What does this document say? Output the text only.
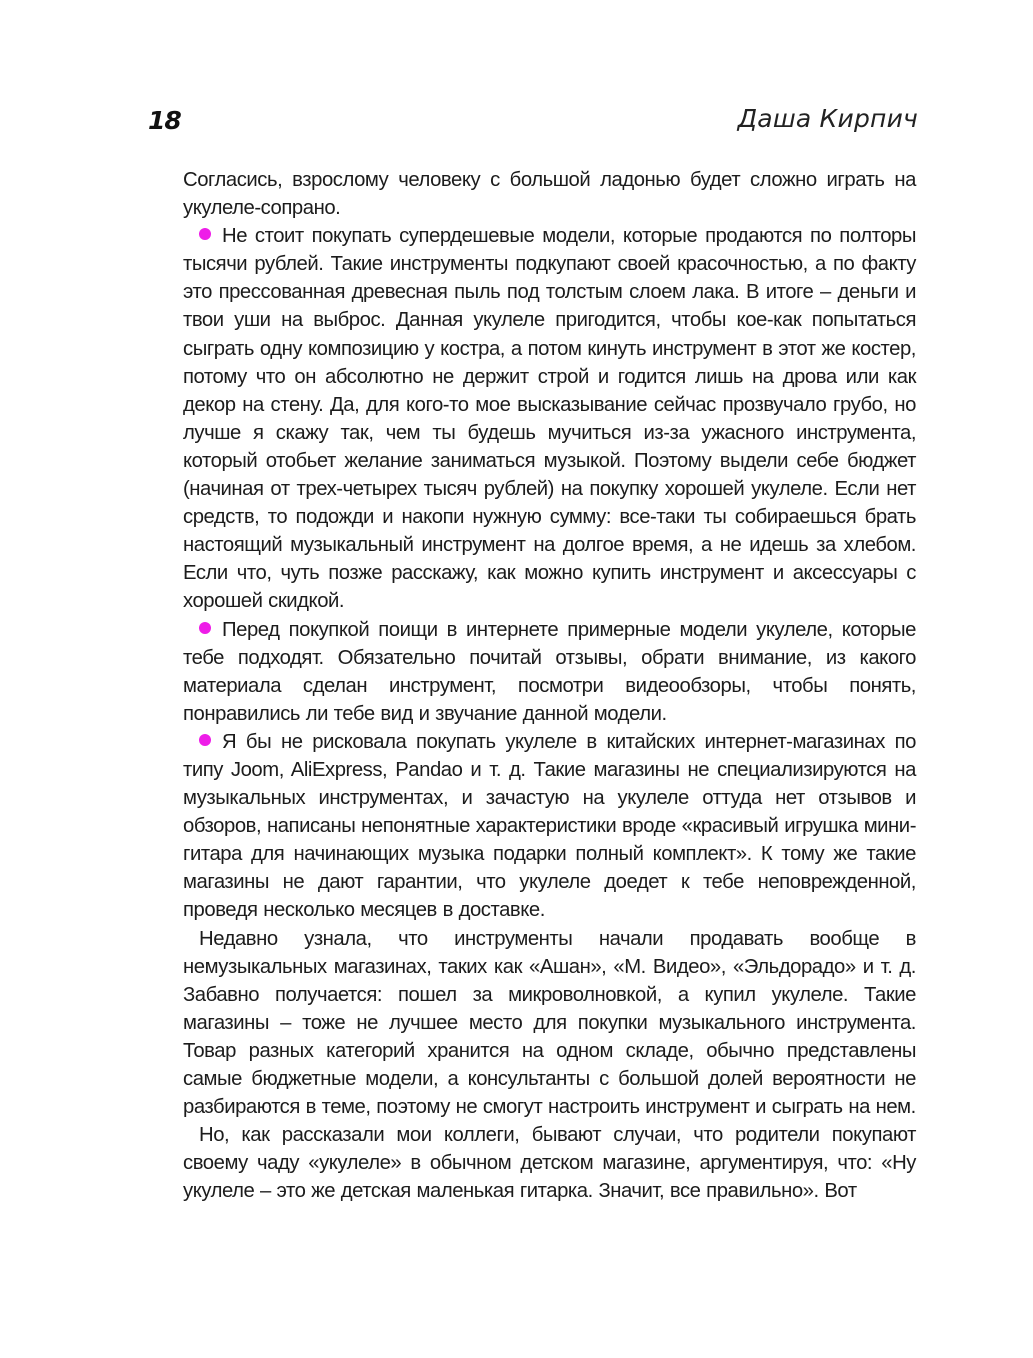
18	Даша Кирпич

Согласись, взрослому человеку с большой ладонью будет сложно играть на укулеле-сопрано.

Не стоит покупать супердешевые модели, которые продаются по полторы тысячи рублей. Такие инструменты подкупают своей красочностью, а по факту это прессованная древесная пыль под толстым слоем лака. В итоге – деньги и твои уши на выброс. Данная укулеле пригодится, чтобы кое-как попытаться сыграть одну композицию у костра, а потом кинуть инструмент в этот же костер, потому что он абсолютно не держит строй и годится лишь на дрова или как декор на стену. Да, для кого-то мое высказывание сейчас прозвучало грубо, но лучше я скажу так, чем ты будешь мучиться из-за ужасного инструмента, который отобьет желание заниматься музыкой. Поэтому выдели себе бюджет (начиная от трех-четырех тысяч рублей) на покупку хорошей укулеле. Если нет средств, то подожди и накопи нужную сумму: все-таки ты собираешься брать настоящий музыкальный инструмент на долгое время, а не идешь за хлебом. Если что, чуть позже расскажу, как можно купить инструмент и аксессуары с хорошей скидкой.

Перед покупкой поищи в интернете примерные модели укулеле, которые тебе подходят. Обязательно почитай отзывы, обрати внимание, из какого материала сделан инструмент, посмотри видеообзоры, чтобы понять, понравились ли тебе вид и звучание данной модели.

Я бы не рисковала покупать укулеле в китайских интернет-магазинах по типу Joom, AliExpress, Pandao и т. д. Такие магазины не специализируются на музыкальных инструментах, и зачастую на укулеле оттуда нет отзывов и обзоров, написаны непонятные характеристики вроде «красивый игрушка мини-гитара для начинающих музыка подарки полный комплект». К тому же такие магазины не дают гарантии, что укулеле доедет к тебе неповрежденной, проведя несколько месяцев в доставке.

Недавно узнала, что инструменты начали продавать вообще в немузыкальных магазинах, таких как «Ашан», «М. Видео», «Эльдорадо» и т. д. Забавно получается: пошел за микроволновкой, а купил укулеле. Такие магазины – тоже не лучшее место для покупки музыкального инструмента. Товар разных категорий хранится на одном складе, обычно представлены самые бюджетные модели, а консультанты с большой долей вероятности не разбираются в теме, поэтому не смогут настроить инструмент и сыграть на нем.

Но, как рассказали мои коллеги, бывают случаи, что родители покупают своему чаду «укулеле» в обычном детском магазине, аргументируя, что: «Ну укулеле – это же детская маленькая гитарка. Значит, все правильно». Вот
